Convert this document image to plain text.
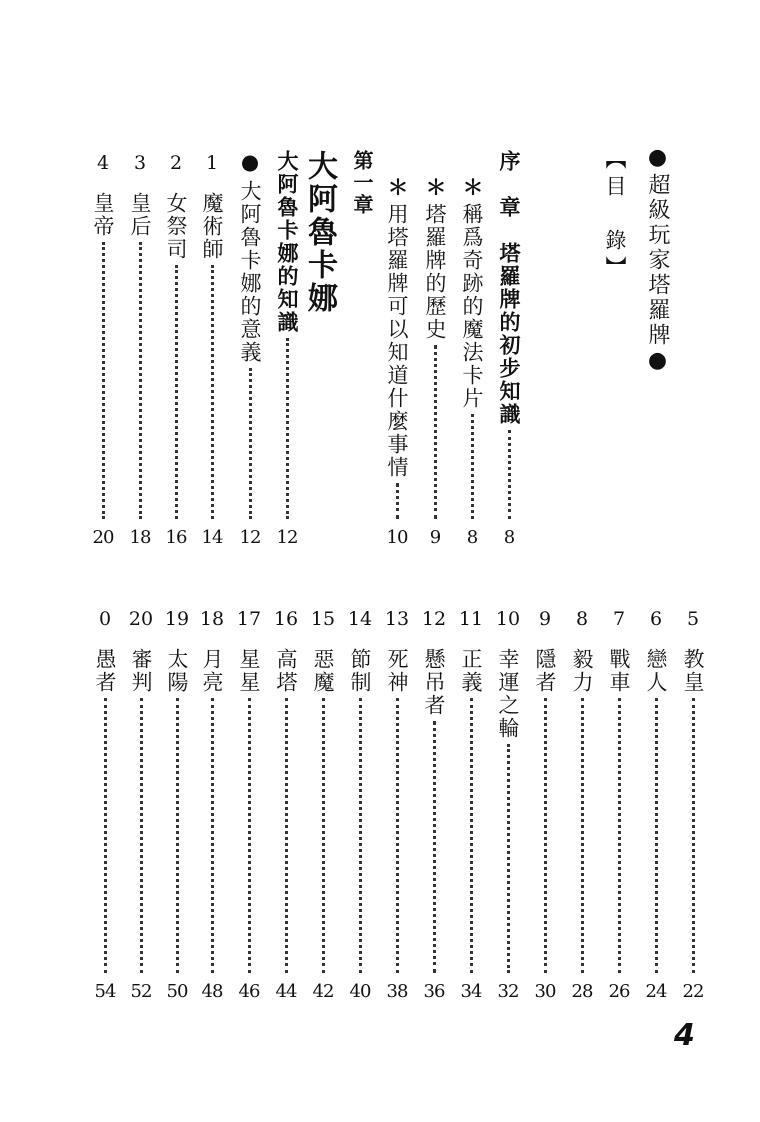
●超級玩家塔羅牌●
【目　錄】
序　章　塔羅牌的初步知識
8
＊
稱爲奇跡的魔法卡片
8
＊
塔羅牌的歷史
9
＊
用塔羅牌可以知道什麼事情
10
第一章
大阿魯卡娜
大阿魯卡娜的知識
12
●
大阿魯卡娜的意義
12
1
魔術師
14
2
女祭司
16
3
皇后
18
4
皇帝
20
5
教皇
22
6
戀人
24
7
戰車
26
8
毅力
28
9
隱者
30
10
幸運之輪
32
11
正義
34
12
懸吊者
36
13
死神
38
14
節制
40
15
惡魔
42
16
高塔
44
17
星星
46
18
月亮
48
19
太陽
50
20
審判
52
0
愚者
54
4
